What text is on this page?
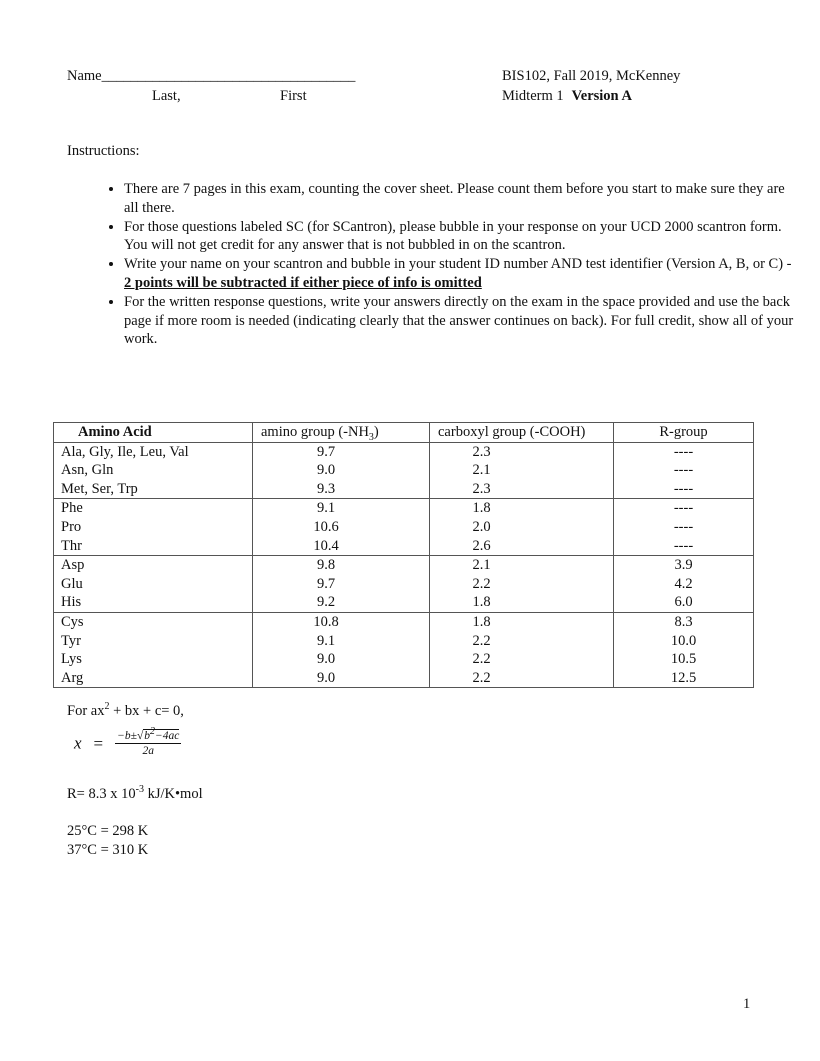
Name___________________________________
Last,	First
BIS102, Fall 2019, McKenney
Midterm 1 Version A
Instructions:
• There are 7 pages in this exam, counting the cover sheet. Please count them before you start to make sure they are all there.
• For those questions labeled SC (for SCantron), please bubble in your response on your UCD 2000 scantron form. You will not get credit for any answer that is not bubbled in on the scantron.
• Write your name on your scantron and bubble in your student ID number AND test identifier (Version A, B, or C) - 2 points will be subtracted if either piece of info is omitted
• For the written response questions, write your answers directly on the exam in the space provided and use the back page if more room is needed (indicating clearly that the answer continues on back). For full credit, show all of your work.
Amino Acid	amino group $(-NH_3)$	carboxyl group (-COOH)	R-group
Ala, Gly, Ile, Leu, Val	9.7	2.3	----
Asn, Gln	9.0	2.1	----
Met, Ser, Trp	9.3	2.3	----
Phe	9.1	1.8	----
Pro	10.6	2.0	----
Thr	10.4	2.6	----
Asp	9.8	2.1	3.9
Glu	9.7	2.2	4.2
His	9.2	1.8	6.0
Cys	10.8	1.8	8.3
Tyr	9.1	2.2	10.0
Lys	9.0	2.2	10.5
Arg	9.0	2.2	12.5
For $ax^2$ + bx + c= 0,
$x = \frac{-b\pm√b^2-4ac}{2a}$
R= 8.3 x $10^{-3}$ kJ/K•mol
25°C = 298 K
37°C = 310 K
1
